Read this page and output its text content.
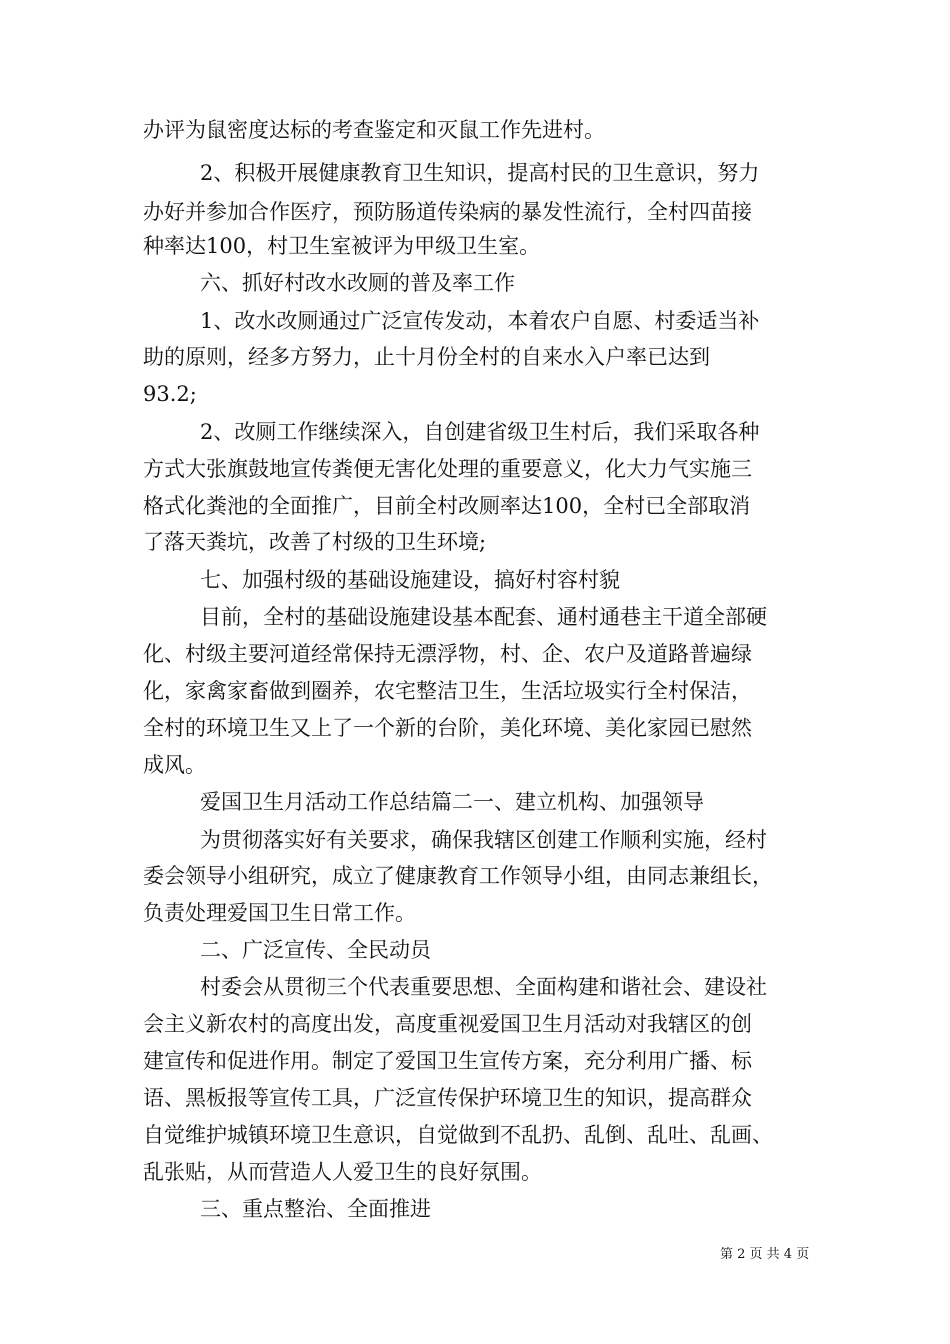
办评为鼠密度达标的考查鉴定和灭鼠工作先进村。
2、积极开展健康教育卫生知识，提高村民的卫生意识，努力
办好并参加合作医疗，预防肠道传染病的暴发性流行，全村四苗接
种率达100，村卫生室被评为甲级卫生室。
六、抓好村改水改厕的普及率工作
1、改水改厕通过广泛宣传发动，本着农户自愿、村委适当补
助的原则，经多方努力，止十月份全村的自来水入户率已达到
93.2;
2、改厕工作继续深入，自创建省级卫生村后，我们采取各种
方式大张旗鼓地宣传粪便无害化处理的重要意义，化大力气实施三
格式化粪池的全面推广，目前全村改厕率达100，全村已全部取消
了落天粪坑，改善了村级的卫生环境;
七、加强村级的基础设施建设，搞好村容村貌
目前，全村的基础设施建设基本配套、通村通巷主干道全部硬
化、村级主要河道经常保持无漂浮物，村、企、农户及道路普遍绿
化，家禽家畜做到圈养，农宅整洁卫生，生活垃圾实行全村保洁，
全村的环境卫生又上了一个新的台阶，美化环境、美化家园已慰然
成风。
爱国卫生月活动工作总结篇二一、建立机构、加强领导
为贯彻落实好有关要求，确保我辖区创建工作顺利实施，经村
委会领导小组研究，成立了健康教育工作领导小组，由同志兼组长，
负责处理爱国卫生日常工作。
二、广泛宣传、全民动员
村委会从贯彻三个代表重要思想、全面构建和谐社会、建设社
会主义新农村的高度出发，高度重视爱国卫生月活动对我辖区的创
建宣传和促进作用。制定了爱国卫生宣传方案，充分利用广播、标
语、黑板报等宣传工具，广泛宣传保护环境卫生的知识，提高群众
自觉维护城镇环境卫生意识，自觉做到不乱扔、乱倒、乱吐、乱画、
乱张贴，从而营造人人爱卫生的良好氛围。
三、重点整治、全面推进
第 2 页 共 4 页
